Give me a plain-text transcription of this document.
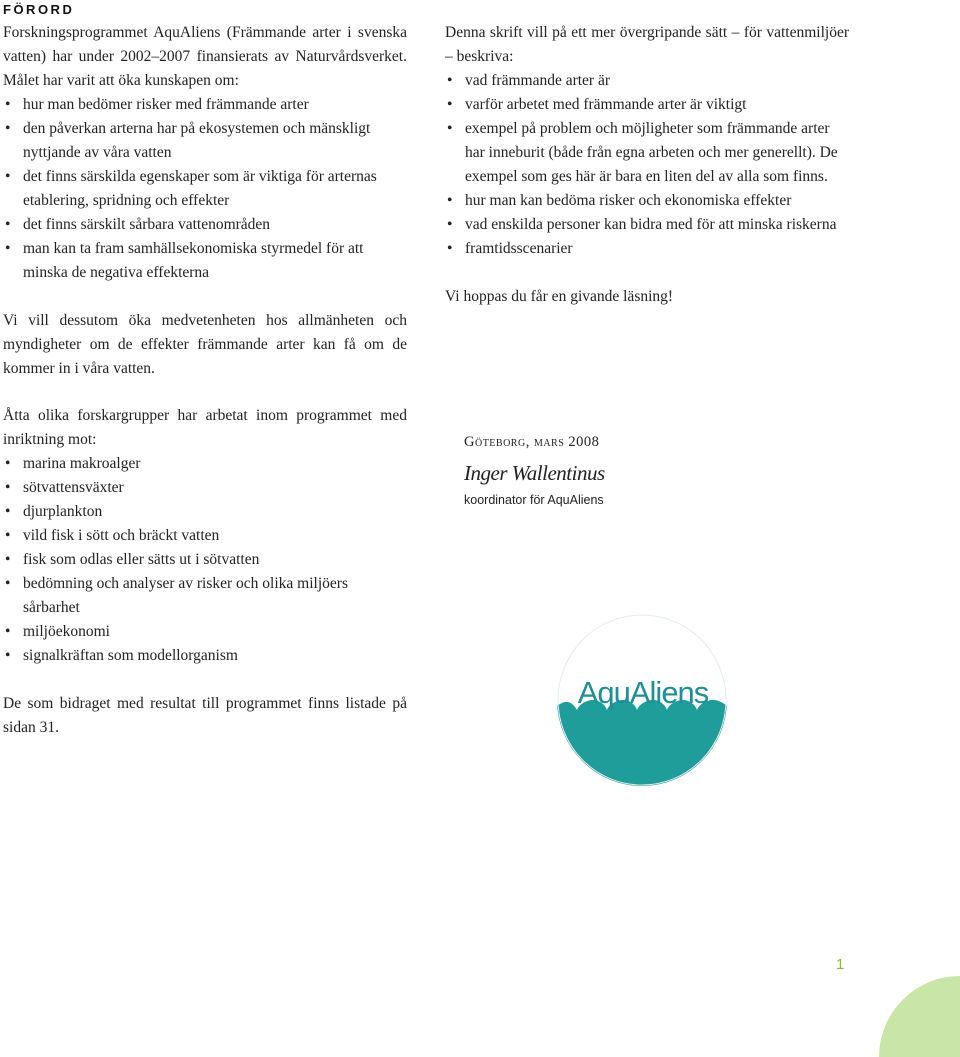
FÖRORD

Forskningsprogrammet AquAliens (Främmande arter i svenska vatten) har under 2002–2007 finansierats av Naturvårdsverket. Målet har varit att öka kunskapen om:

• hur man bedömer risker med främmande arter
• den påverkan arterna har på ekosystemen och mänskligt nyttjande av våra vatten
• det finns särskilda egenskaper som är viktiga för arternas etablering, spridning och effekter
• det finns särskilt sårbara vattenområden
• man kan ta fram samhällsekonomiska styrmedel för att minska de negativa effekterna

Vi vill dessutom öka medvetenheten hos allmänheten och myndigheter om de effekter främmande arter kan få om de kommer in i våra vatten.

Åtta olika forskargrupper har arbetat inom programmet med inriktning mot:

• marina makroalger
• sötvattensväxter
• djurplankton
• vild fisk i sött och bräckt vatten
• fisk som odlas eller sätts ut i sötvatten
• bedömning och analyser av risker och olika miljöers sårbarhet
• miljöekonomi
• signalkräftan som modellorganism

De som bidraget med resultat till programmet finns listade på sidan 31.

Denna skrift vill på ett mer övergripande sätt – för vattenmiljöer – beskriva:

• vad främmande arter är
• varför arbetet med främmande arter är viktigt
• exempel på problem och möjligheter som främmande arter har inneburit (både från egna arbeten och mer generellt). De exempel som ges här är bara en liten del av alla som finns.
• hur man kan bedöma risker och ekonomiska effekter
• vad enskilda personer kan bidra med för att minska riskerna
• framtidsscenarier

Vi hoppas du får en givande läsning!

Göteborg, mars 2008
Inger Wallentinus
koordinator för AquAliens
AquAliens
1
